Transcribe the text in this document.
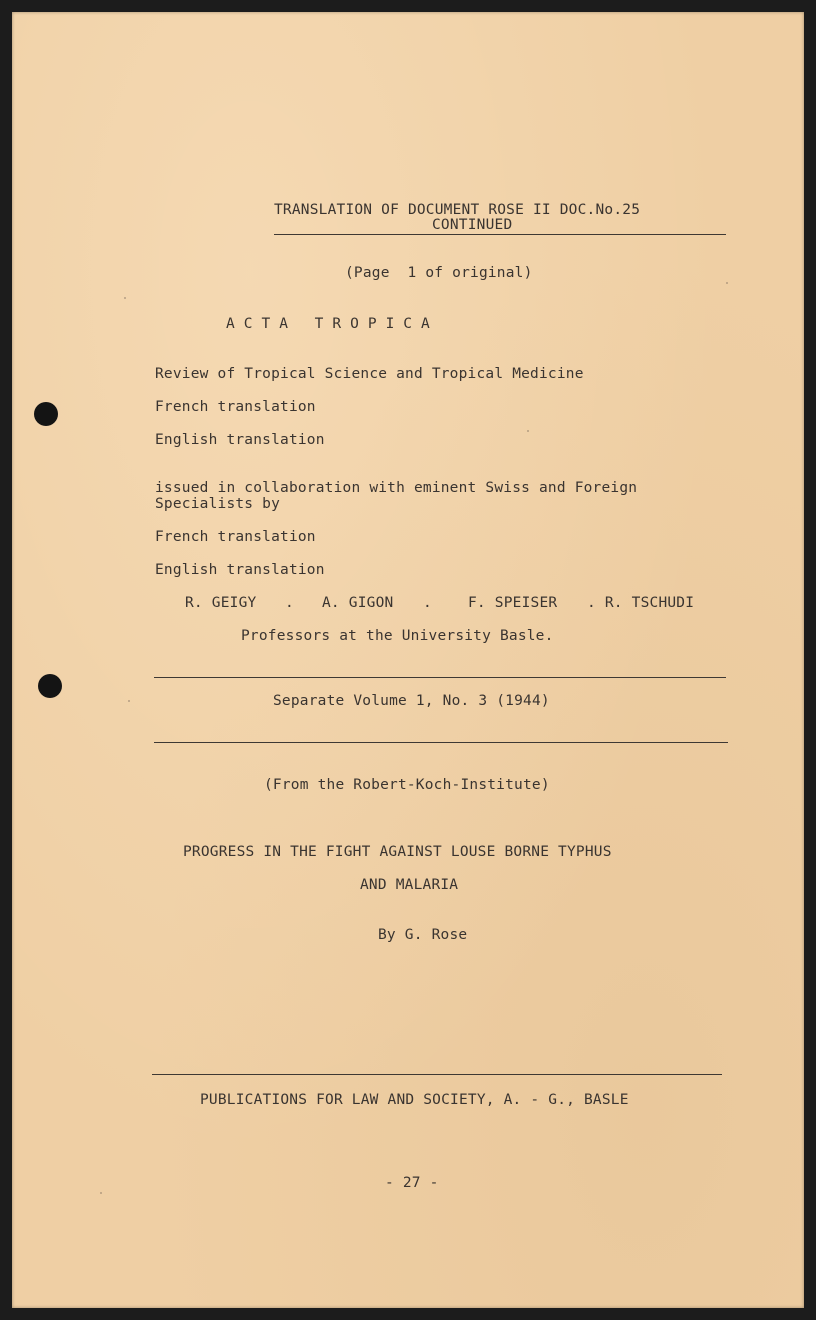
TRANSLATION OF DOCUMENT ROSE II DOC.No.25
CONTINUED
(Page  1 of original)
ACTA TROPICA
Review of Tropical Science and Tropical Medicine
French translation
English translation
issued in collaboration with eminent Swiss and Foreign
Specialists by
French translation
English translation
R. GEIGY . A. GIGON . F. SPEISER . R. TSCHUDI
Professors at the University Basle.
Separate Volume 1, No. 3 (1944)
(From the Robert-Koch-Institute)
PROGRESS IN THE FIGHT AGAINST LOUSE BORNE TYPHUS
AND MALARIA
By G. Rose
PUBLICATIONS FOR LAW AND SOCIETY, A. - G., BASLE
- 27 -
